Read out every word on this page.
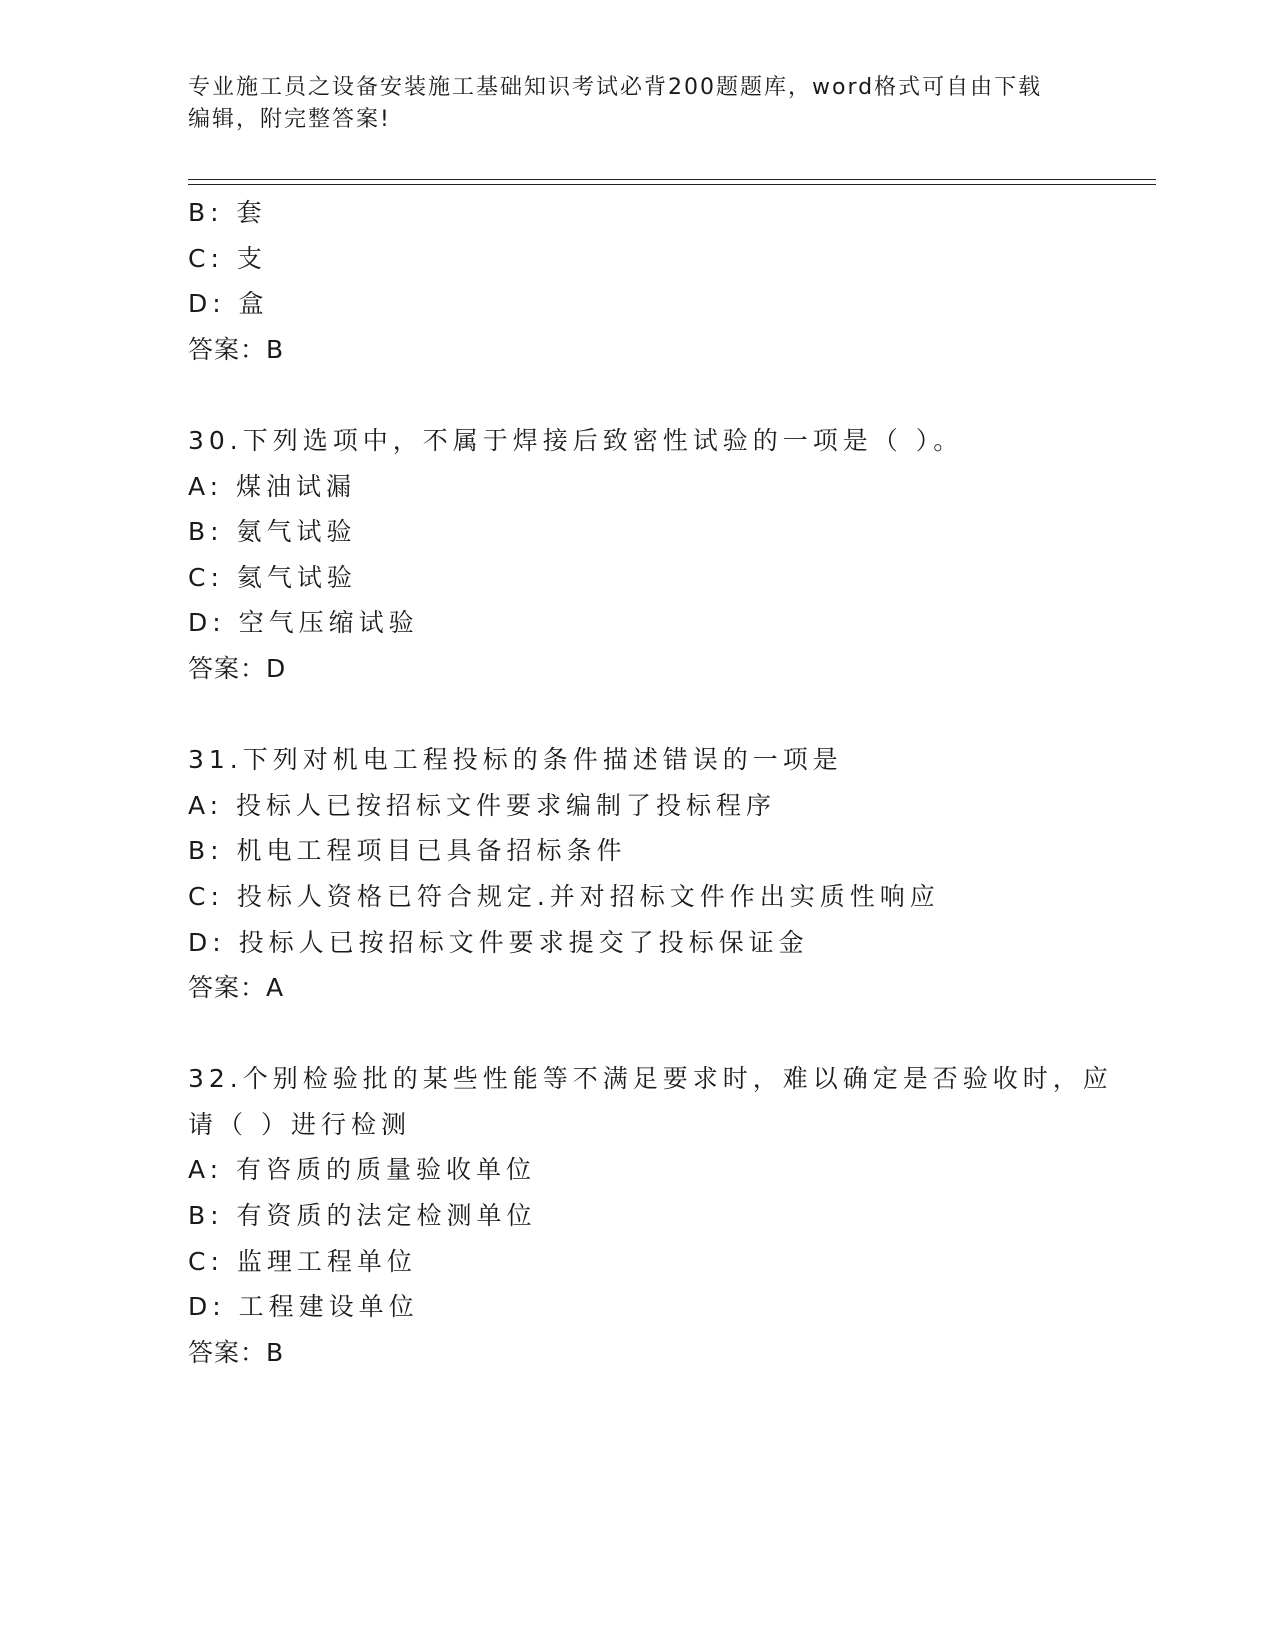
专业施工员之设备安装施工基础知识考试必背200题题库，word格式可自由下载
编辑，附完整答案!
B: 套
C: 支
D: 盒
答案：B
30.下列选项中，不属于焊接后致密性试验的一项是（ ）。
A: 煤油试漏
B: 氨气试验
C: 氦气试验
D: 空气压缩试验
答案：D
31.下列对机电工程投标的条件描述错误的一项是
A: 投标人已按招标文件要求编制了投标程序
B: 机电工程项目已具备招标条件
C: 投标人资格已符合规定.并对招标文件作出实质性响应
D: 投标人已按招标文件要求提交了投标保证金
答案：A
32.个别检验批的某些性能等不满足要求时，难以确定是否验收时，应
请（ ）进行检测
A: 有咨质的质量验收单位
B: 有资质的法定检测单位
C: 监理工程单位
D: 工程建设单位
答案：B
